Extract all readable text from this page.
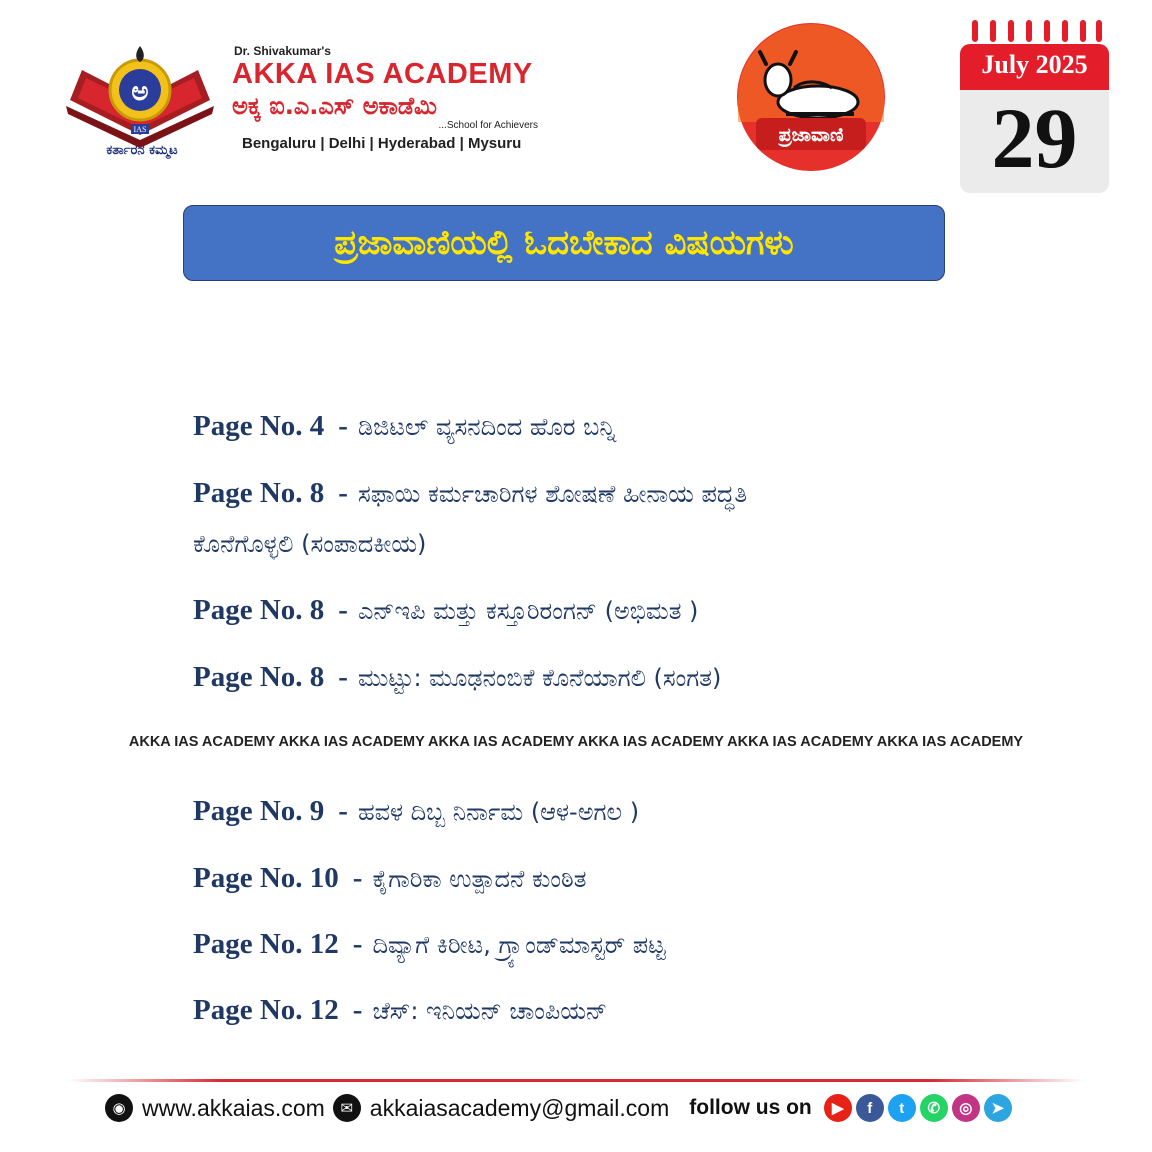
ಅ
IAS
ಕರ್ತಾರನ ಕಮ್ಮಟ
Dr. Shivakumar's
AKKA IAS ACADEMY
ಅಕ್ಕ ಐ.ಎ.ಎಸ್ ಅಕಾಡೆಮಿ
...School for Achievers
Bengaluru | Delhi | Hyderabad | Mysuru	ಪ್ರಜಾವಾಣಿ
July 2025
29
ಪ್ರಜಾವಾಣಿಯಲ್ಲಿ ಓದಬೇಕಾದ ವಿಷಯಗಳು
Page No. 4 - ಡಿಜಿಟಲ್ ವ್ಯಸನದಿಂದ ಹೊರ ಬನ್ನಿ
Page No. 8 - ಸಫಾಯಿ ಕರ್ಮಚಾರಿಗಳ ಶೋಷಣೆ ಹೀನಾಯ ಪದ್ಧತಿ
ಕೊನೆಗೊಳ್ಳಲಿ (ಸಂಪಾದಕೀಯ)
Page No. 8 - ಎನ್‌ಇಪಿ ಮತ್ತು ಕಸ್ತೂರಿರಂಗನ್ (ಅಭಿಮತ )
Page No. 8 - ಮುಟ್ಟು: ಮೂಢನಂಬಿಕೆ ಕೊನೆಯಾಗಲಿ (ಸಂಗತ)
AKKA IAS ACADEMY AKKA IAS ACADEMY AKKA IAS ACADEMY AKKA IAS ACADEMY AKKA IAS ACADEMY AKKA IAS ACADEMY
Page No. 9 - ಹವಳ ದಿಬ್ಬ ನಿರ್ನಾಮ (ಆಳ-ಅಗಲ )
Page No. 10 - ಕೈಗಾರಿಕಾ ಉತ್ಪಾದನೆ ಕುಂಠಿತ
Page No. 12 - ದಿವ್ಯಾಗೆ ಕಿರೀಟ, ಗ್ರ್ಯಾಂಡ್‌ಮಾಸ್ಟರ್ ಪಟ್ಟ
Page No. 12 - ಚೆಸ್: ಇನಿಯನ್ ಚಾಂಪಿಯನ್
◉ www.akkaias.com	✉ akkaiasacademy@gmail.com follow us on	▶	f	t	✆	◎	➤
